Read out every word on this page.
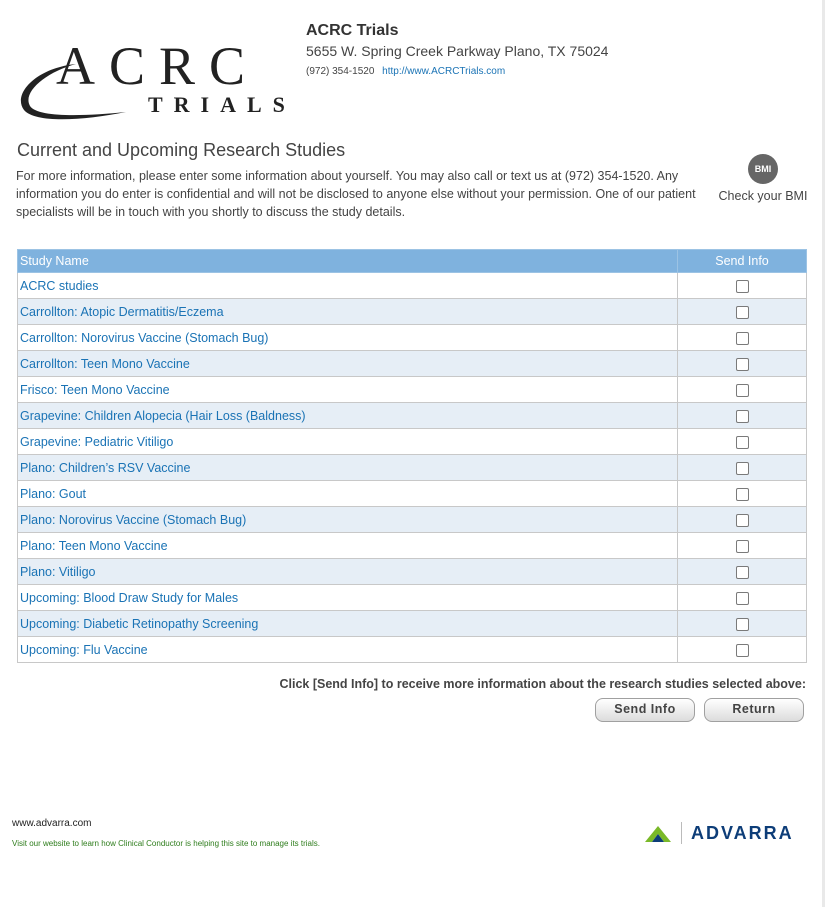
ACRC
TRIALS
ACRC Trials
5655 W. Spring Creek Parkway Plano, TX 75024
(972) 354-1520 http://www.ACRCTrials.com
Current and Upcoming Research Studies
For more information, please enter some information about yourself. You may also call or text us at (972) 354-1520. Any information you do enter is confidential and will not be disclosed to anyone else without your permission. One of our patient specialists will be in touch with you shortly to discuss the study details.
BMI
Check your BMI
Study Name	Send Info
ACRC studies	
Carrollton: Atopic Dermatitis/Eczema	
Carrollton: Norovirus Vaccine (Stomach Bug)	
Carrollton: Teen Mono Vaccine	
Frisco: Teen Mono Vaccine	
Grapevine: Children Alopecia (Hair Loss (Baldness)	
Grapevine: Pediatric Vitiligo	
Plano: Children’s RSV Vaccine	
Plano: Gout	
Plano: Norovirus Vaccine (Stomach Bug)	
Plano: Teen Mono Vaccine	
Plano: Vitiligo	
Upcoming: Blood Draw Study for Males	
Upcoming: Diabetic Retinopathy Screening	
Upcoming: Flu Vaccine	
Click [Send Info] to receive more information about the research studies selected above:
Send Info	Return
www.advarra.com
Visit our website to learn how Clinical Conductor is helping this site to manage its trials.
ADVARRA
